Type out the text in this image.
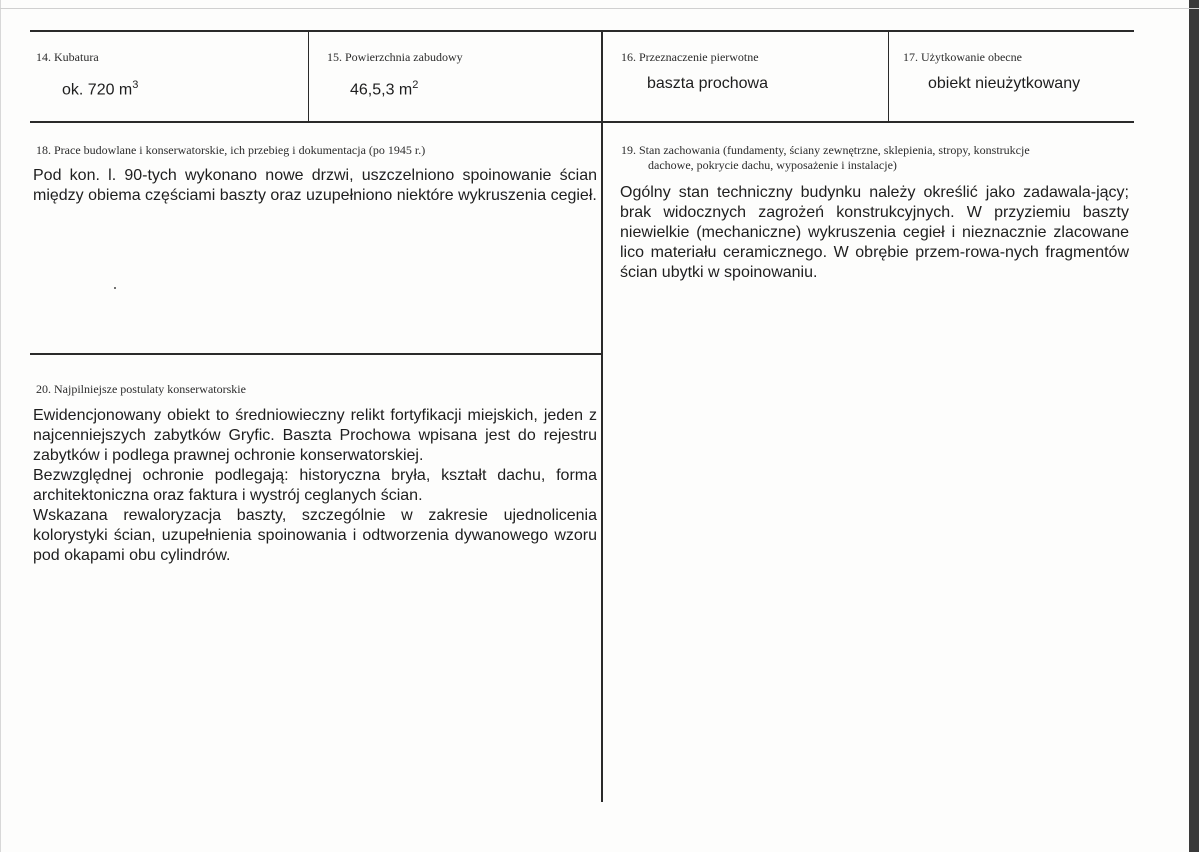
14. Kubatura
ok. 720 $m^3$
15. Powierzchnia zabudowy
46,5,3 $m^2$
16. Przeznaczenie pierwotne
baszta prochowa
17. Użytkowanie obecne
obiekt nieużytkowany
18. Prace budowlane i konserwatorskie, ich przebieg i dokumentacja (po 1945 r.)
Pod kon. l. 90-tych wykonano nowe drzwi, uszczelniono spoinowanie ścian między obiema częściami baszty oraz uzupełniono niektóre wykruszenia cegieł.
19. Stan zachowania (fundamenty, ściany zewnętrzne, sklepienia, stropy, konstrukcje
dachowe, pokrycie dachu, wyposażenie i instalacje)
Ogólny stan techniczny budynku należy określić jako zadawala-jący; brak widocznych zagrożeń konstrukcyjnych. W przyziemiu baszty niewielkie (mechaniczne) wykruszenia cegieł i nieznacznie zlacowane lico materiału ceramicznego. W obrębie przem-rowa-nych fragmentów ścian ubytki w spoinowaniu.
20. Najpilniejsze postulaty konserwatorskie

Ewidencjonowany obiekt to średniowieczny relikt fortyfikacji miejskich, jeden z najcenniejszych zabytków Gryfic. Baszta Prochowa wpisana jest do rejestru zabytków i podlega prawnej ochronie konserwatorskiej.

Bezwzględnej ochronie podlegają: historyczna bryła, kształt dachu, forma architektoniczna oraz faktura i wystrój ceglanych ścian.

Wskazana rewaloryzacja baszty, szczególnie w zakresie ujednolicenia kolorystyki ścian, uzupełnienia spoinowania i odtworzenia dywanowego wzoru pod okapami obu cylindrów.
